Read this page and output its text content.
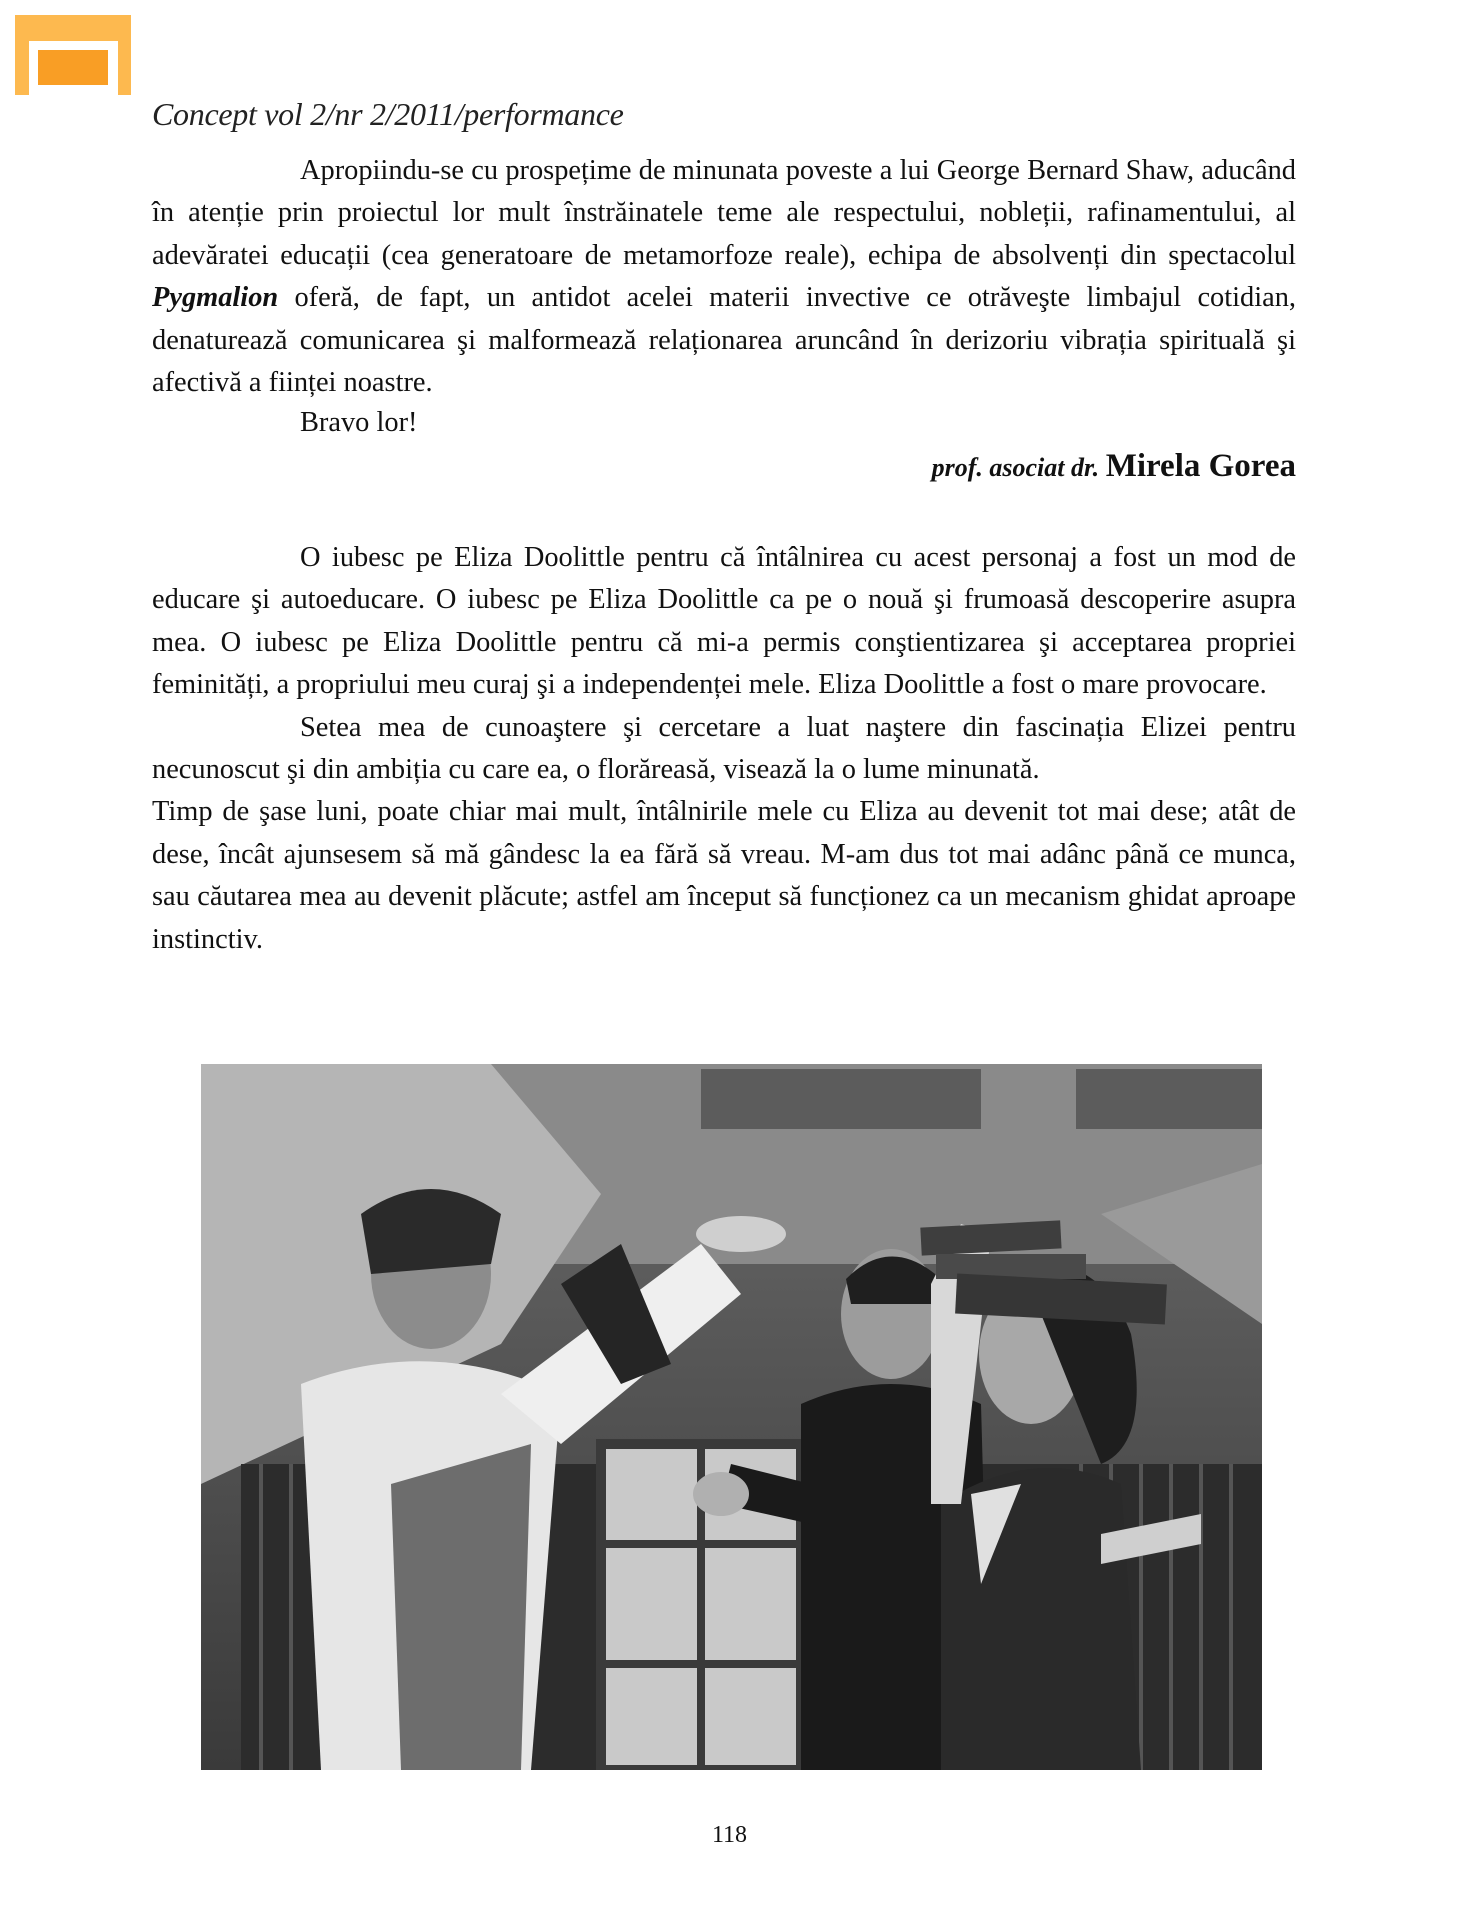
Concept vol 2/nr 2/2011/performance

Apropiindu-se cu prospețime de minunata poveste a lui George Bernard Shaw, aducând în atenție prin proiectul lor mult înstrăinatele teme ale respectului, nobleții, rafinamentului, al adevăratei educații (cea generatoare de metamorfoze reale), echipa de absolvenți din spectacolul Pygmalion oferă, de fapt, un antidot acelei materii invective ce otrăveşte limbajul cotidian, denaturează comunicarea şi malformează relaționarea aruncând în derizoriu vibrația spirituală şi afectivă a ființei noastre.

Bravo lor!
prof. asociat dr. Mirela Gorea

O iubesc pe Eliza Doolittle pentru că întâlnirea cu acest personaj a fost un mod de educare şi autoeducare. O iubesc pe Eliza Doolittle ca pe o nouă şi frumoasă descoperire asupra mea. O iubesc pe Eliza Doolittle pentru că mi-a permis conştientizarea şi acceptarea propriei feminități, a propriului meu curaj şi a independenței mele. Eliza Doolittle a fost o mare provocare.

Setea mea de cunoaştere şi cercetare a luat naştere din fascinația Elizei pentru necunoscut şi din ambiția cu care ea, o florăreasă, visează la o lume minunată.

Timp de şase luni, poate chiar mai mult, întâlnirile mele cu Eliza au devenit tot mai dese; atât de dese, încât ajunsesem să mă gândesc la ea fără să vreau. M-am dus tot mai adânc până ce munca, sau căutarea mea au devenit plăcute; astfel am început să funcționez ca un mecanism ghidat aproape instinctiv.

118
